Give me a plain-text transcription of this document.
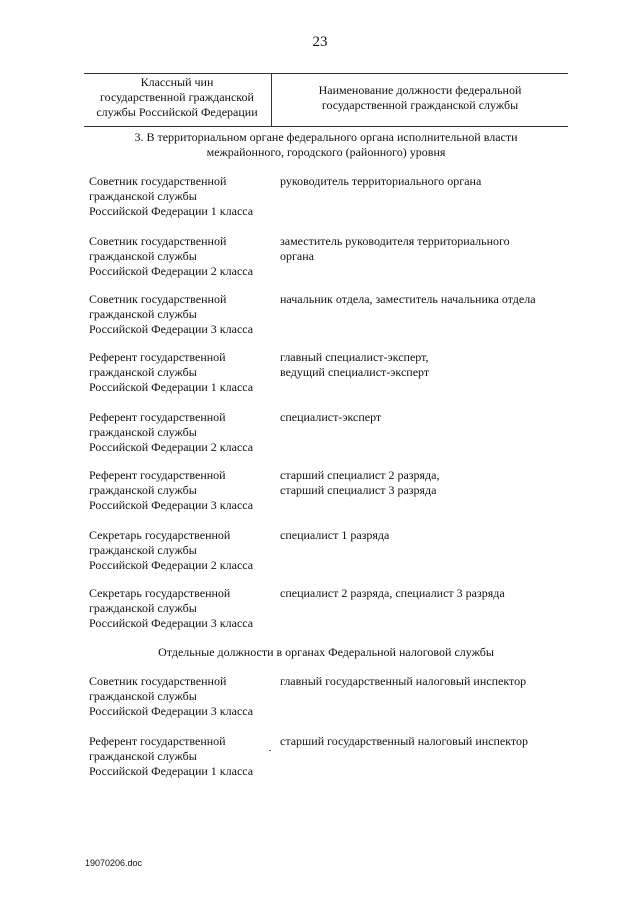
23
Классный чин
государственной гражданской
службы Российской Федерации
Наименование должности федеральной
государственной гражданской службы
3. В территориальном органе федерального органа исполнительной власти
межрайонного, городского (районного) уровня
Советник государственной
гражданской службы
Российской Федерации 1 класса
руководитель территориального органа
Советник государственной
гражданской службы
Российской Федерации 2 класса
заместитель руководителя территориального
органа
Советник государственной
гражданской службы
Российской Федерации 3 класса
начальник отдела, заместитель начальника отдела
Референт государственной
гражданской службы
Российской Федерации 1 класса
главный специалист-эксперт,
ведущий специалист-эксперт
Референт государственной
гражданской службы
Российской Федерации 2 класса
специалист-эксперт
Референт государственной
гражданской службы
Российской Федерации 3 класса
старший специалист 2 разряда,
старший специалист 3 разряда
Секретарь государственной
гражданской службы
Российской Федерации 2 класса
специалист 1 разряда
Секретарь государственной
гражданской службы
Российской Федерации 3 класса
специалист 2 разряда, специалист 3 разряда
Отдельные должности в органах Федеральной налоговой службы
Советник государственной
гражданской службы
Российской Федерации 3 класса
главный государственный налоговый инспектор
Референт государственной
гражданской службы
Российской Федерации 1 класса
старший государственный налоговый инспектор
19070206.doc
